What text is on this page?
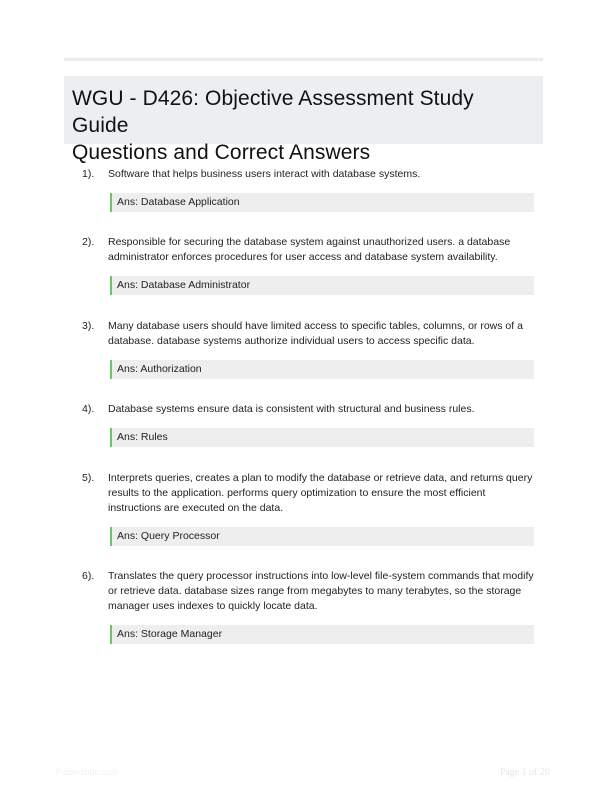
WGU - D426: Objective Assessment Study Guide
Questions and Correct Answers
1). Software that helps business users interact with database systems.
Ans: Database Application
2). Responsible for securing the database system against unauthorized users. a database administrator enforces procedures for user access and database system availability.
Ans: Database Administrator
3). Many database users should have limited access to specific tables, columns, or rows of a database. database systems authorize individual users to access specific data.
Ans: Authorization
4). Database systems ensure data is consistent with structural and business rules.
Ans: Rules
5). Interprets queries, creates a plan to modify the database or retrieve data, and returns query results to the application. performs query optimization to ensure the most efficient instructions are executed on the data.
Ans: Query Processor
6). Translates the query processor instructions into low-level file-system commands that modify or retrieve data. database sizes range from megabytes to many terabytes, so the storage manager uses indexes to quickly locate data.
Ans: Storage Manager
Papersbbc.com	Page 1 of 20
